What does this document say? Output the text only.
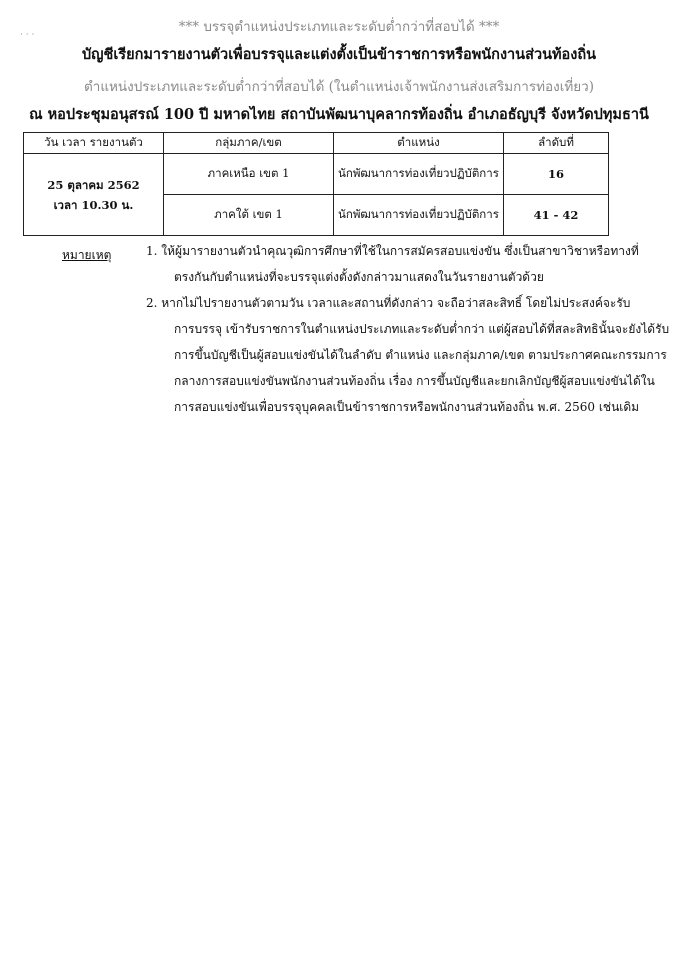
· · ·	*** บรรจุตำแหน่งประเภทและระดับต่ำกว่าที่สอบได้ ***
บัญชีเรียกมารายงานตัวเพื่อบรรจุและแต่งตั้งเป็นข้าราชการหรือพนักงานส่วนท้องถิ่น
ตำแหน่งประเภทและระดับต่ำกว่าที่สอบได้ (ในตำแหน่งเจ้าพนักงานส่งเสริมการท่องเที่ยว)
ณ หอประชุมอนุสรณ์ 100 ปี มหาดไทย สถาบันพัฒนาบุคลากรท้องถิ่น อำเภอธัญบุรี จังหวัดปทุมธานี
วัน เวลา รายงานตัว	กลุ่มภาค/เขต	ตำแหน่ง	ลำดับที่

25 ตุลาคม 2562
เวลา 10.30 น.	ภาคเหนือ เขต 1	นักพัฒนาการท่องเที่ยวปฏิบัติการ	16
	ภาคใต้ เขต 1	นักพัฒนาการท่องเที่ยวปฏิบัติการ	41 - 42
หมายเหตุ	1. ให้ผู้มารายงานตัวนำคุณวุฒิการศึกษาที่ใช้ในการสมัครสอบแข่งขัน ซึ่งเป็นสาขาวิชาหรือทางที่
ตรงกันกับตำแหน่งที่จะบรรจุแต่งตั้งดังกล่าวมาแสดงในวันรายงานตัวด้วย
2. หากไม่ไปรายงานตัวตามวัน เวลาและสถานที่ดังกล่าว จะถือว่าสละสิทธิ์ โดยไม่ประสงค์จะรับ
การบรรจุ เข้ารับราชการในตำแหน่งประเภทและระดับต่ำกว่า แต่ผู้สอบได้ที่สละสิทธินั้นจะยังได้รับ
การขึ้นบัญชีเป็นผู้สอบแข่งขันได้ในลำดับ ตำแหน่ง และกลุ่มภาค/เขต ตามประกาศคณะกรรมการ
กลางการสอบแข่งขันพนักงานส่วนท้องถิ่น เรื่อง การขึ้นบัญชีและยกเลิกบัญชีผู้สอบแข่งขันได้ใน
การสอบแข่งขันเพื่อบรรจุบุคคลเป็นข้าราชการหรือพนักงานส่วนท้องถิ่น พ.ศ. 2560 เช่นเดิม
